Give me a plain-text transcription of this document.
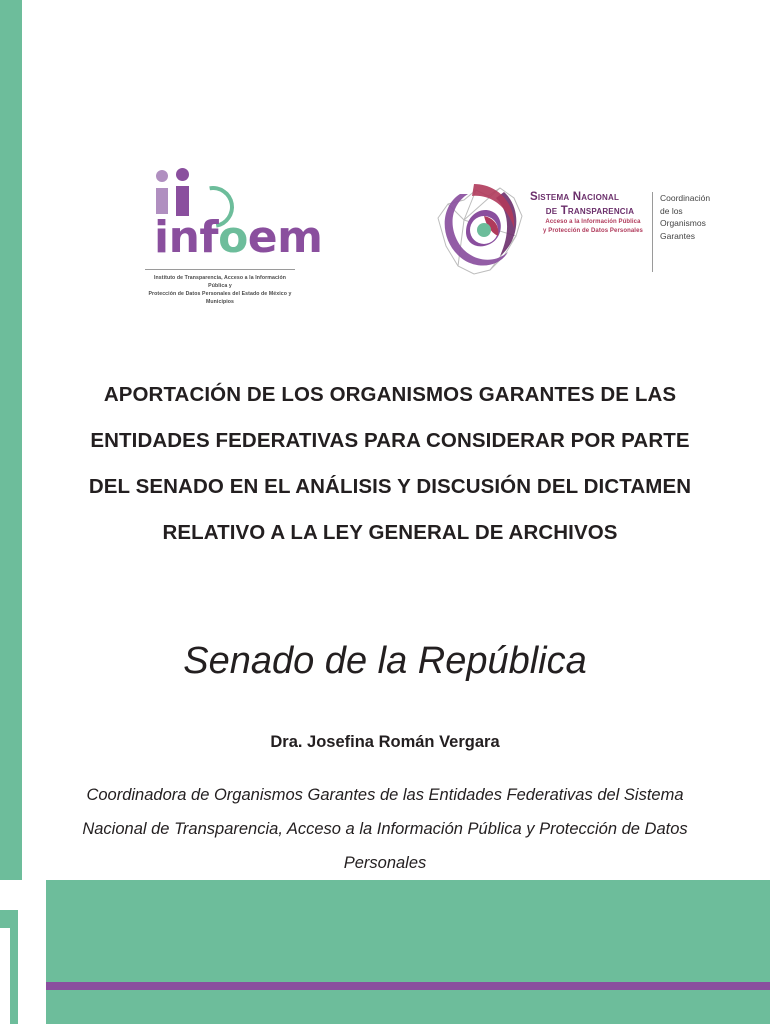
infoem
Instituto de Transparencia, Acceso a la Información Pública y
Protección de Datos Personales del Estado de México y Municipios
Sistema Nacional
de Transparencia
Acceso a la Información Pública
y Protección de Datos Personales
Coordinación de los Organismos Garantes
APORTACIÓN DE LOS ORGANISMOS GARANTES DE LAS
ENTIDADES FEDERATIVAS PARA CONSIDERAR POR PARTE
DEL SENADO EN EL ANÁLISIS Y DISCUSIÓN DEL DICTAMEN
RELATIVO A LA LEY GENERAL DE ARCHIVOS
Senado de la República
Dra. Josefina Román Vergara
Coordinadora de Organismos Garantes de las Entidades Federativas del Sistema
Nacional de Transparencia, Acceso a la Información Pública y Protección de Datos
Personales
